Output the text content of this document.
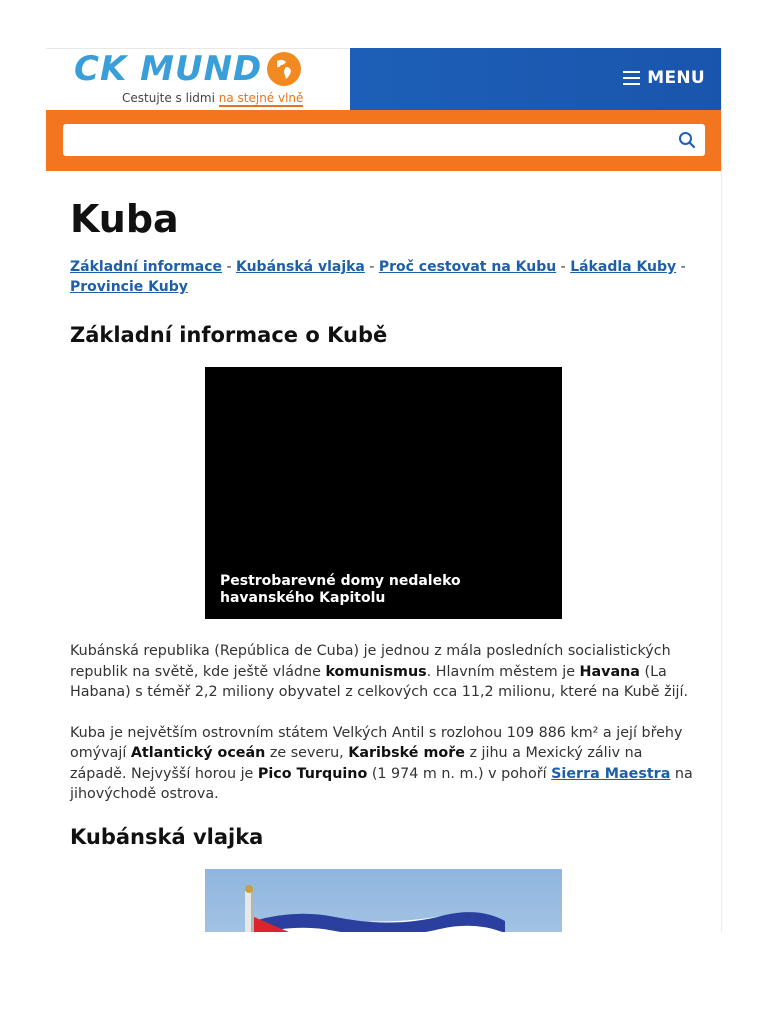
CK MUND
Cestujte s lidmi na stejné vlně
MENU
Kuba
Základní informace - Kubánská vlajka - Proč cestovat na Kubu - Lákadla Kuby -
Provincie Kuby
Základní informace o Kubě
Pestrobarevné domy nedaleko havanského Kapitolu

Kubánská republika (República de Cuba) je jednou z mála posledních socialistických republik na světě, kde ještě vládne komunismus. Hlavním městem je Havana (La Habana) s téměř 2,2 miliony obyvatel z celkových cca 11,2 milionu, které na Kubě žijí.

Kuba je největším ostrovním státem Velkých Antil s rozlohou 109 886 km² a její břehy omývají Atlantický oceán ze severu, Karibské moře z jihu a Mexický záliv na západě. Nejvyšší horou je Pico Turquino (1 974 m n. m.) v pohoří Sierra Maestra na jihovýchodě ostrova.

Kubánská vlajka
